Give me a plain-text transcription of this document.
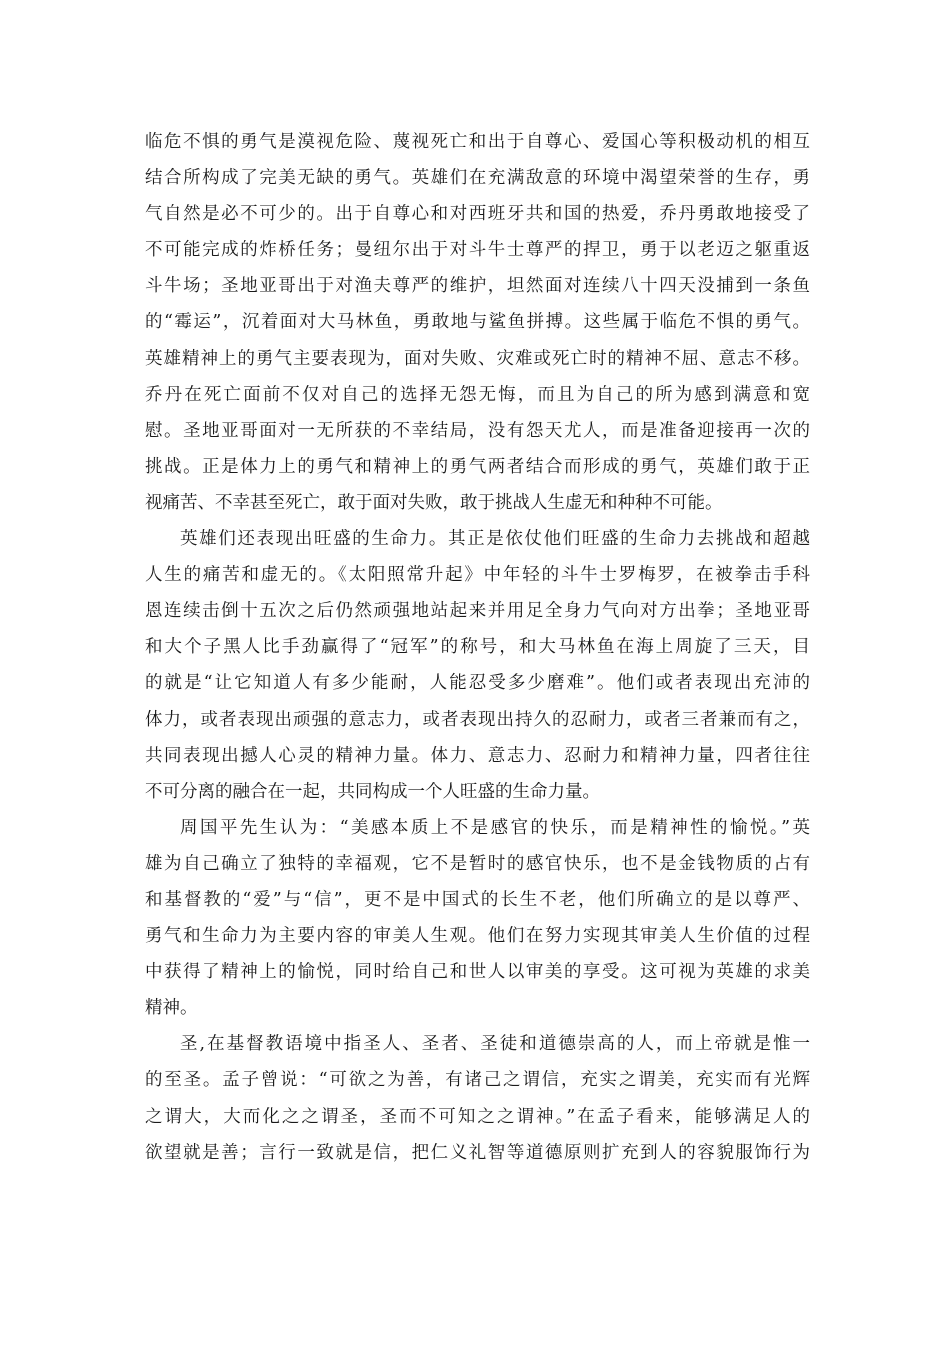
临危不惧的勇气是漠视危险、蔑视死亡和出于自尊心、爱国心等积极动机的相互
结合所构成了完美无缺的勇气。英雄们在充满敌意的环境中渴望荣誉的生存，勇
气自然是必不可少的。出于自尊心和对西班牙共和国的热爱，乔丹勇敢地接受了
不可能完成的炸桥任务；曼纽尔出于对斗牛士尊严的捍卫，勇于以老迈之躯重返
斗牛场；圣地亚哥出于对渔夫尊严的维护，坦然面对连续八十四天没捕到一条鱼
的“霉运”，沉着面对大马林鱼，勇敢地与鲨鱼拼搏。这些属于临危不惧的勇气。
英雄精神上的勇气主要表现为，面对失败、灾难或死亡时的精神不屈、意志不移。
乔丹在死亡面前不仅对自己的选择无怨无悔，而且为自己的所为感到满意和宽
慰。圣地亚哥面对一无所获的不幸结局，没有怨天尤人，而是准备迎接再一次的
挑战。正是体力上的勇气和精神上的勇气两者结合而形成的勇气，英雄们敢于正
视痛苦、不幸甚至死亡，敢于面对失败，敢于挑战人生虚无和种种不可能。
英雄们还表现出旺盛的生命力。其正是依仗他们旺盛的生命力去挑战和超越
人生的痛苦和虚无的。《太阳照常升起》中年轻的斗牛士罗梅罗，在被拳击手科
恩连续击倒十五次之后仍然顽强地站起来并用足全身力气向对方出拳；圣地亚哥
和大个子黑人比手劲赢得了“冠军”的称号，和大马林鱼在海上周旋了三天，目
的就是“让它知道人有多少能耐，人能忍受多少磨难”。他们或者表现出充沛的
体力，或者表现出顽强的意志力，或者表现出持久的忍耐力，或者三者兼而有之，
共同表现出撼人心灵的精神力量。体力、意志力、忍耐力和精神力量，四者往往
不可分离的融合在一起，共同构成一个人旺盛的生命力量。
周国平先生认为：“美感本质上不是感官的快乐，而是精神性的愉悦。”英
雄为自己确立了独特的幸福观，它不是暂时的感官快乐，也不是金钱物质的占有
和基督教的“爱”与“信”，更不是中国式的长生不老，他们所确立的是以尊严、
勇气和生命力为主要内容的审美人生观。他们在努力实现其审美人生价值的过程
中获得了精神上的愉悦，同时给自己和世人以审美的享受。这可视为英雄的求美
精神。
圣,在基督教语境中指圣人、圣者、圣徒和道德崇高的人，而上帝就是惟一
的至圣。孟子曾说：“可欲之为善，有诸己之谓信，充实之谓美，充实而有光辉
之谓大，大而化之之谓圣，圣而不可知之之谓神。”在孟子看来，能够满足人的
欲望就是善；言行一致就是信，把仁义礼智等道德原则扩充到人的容貌服饰行为
